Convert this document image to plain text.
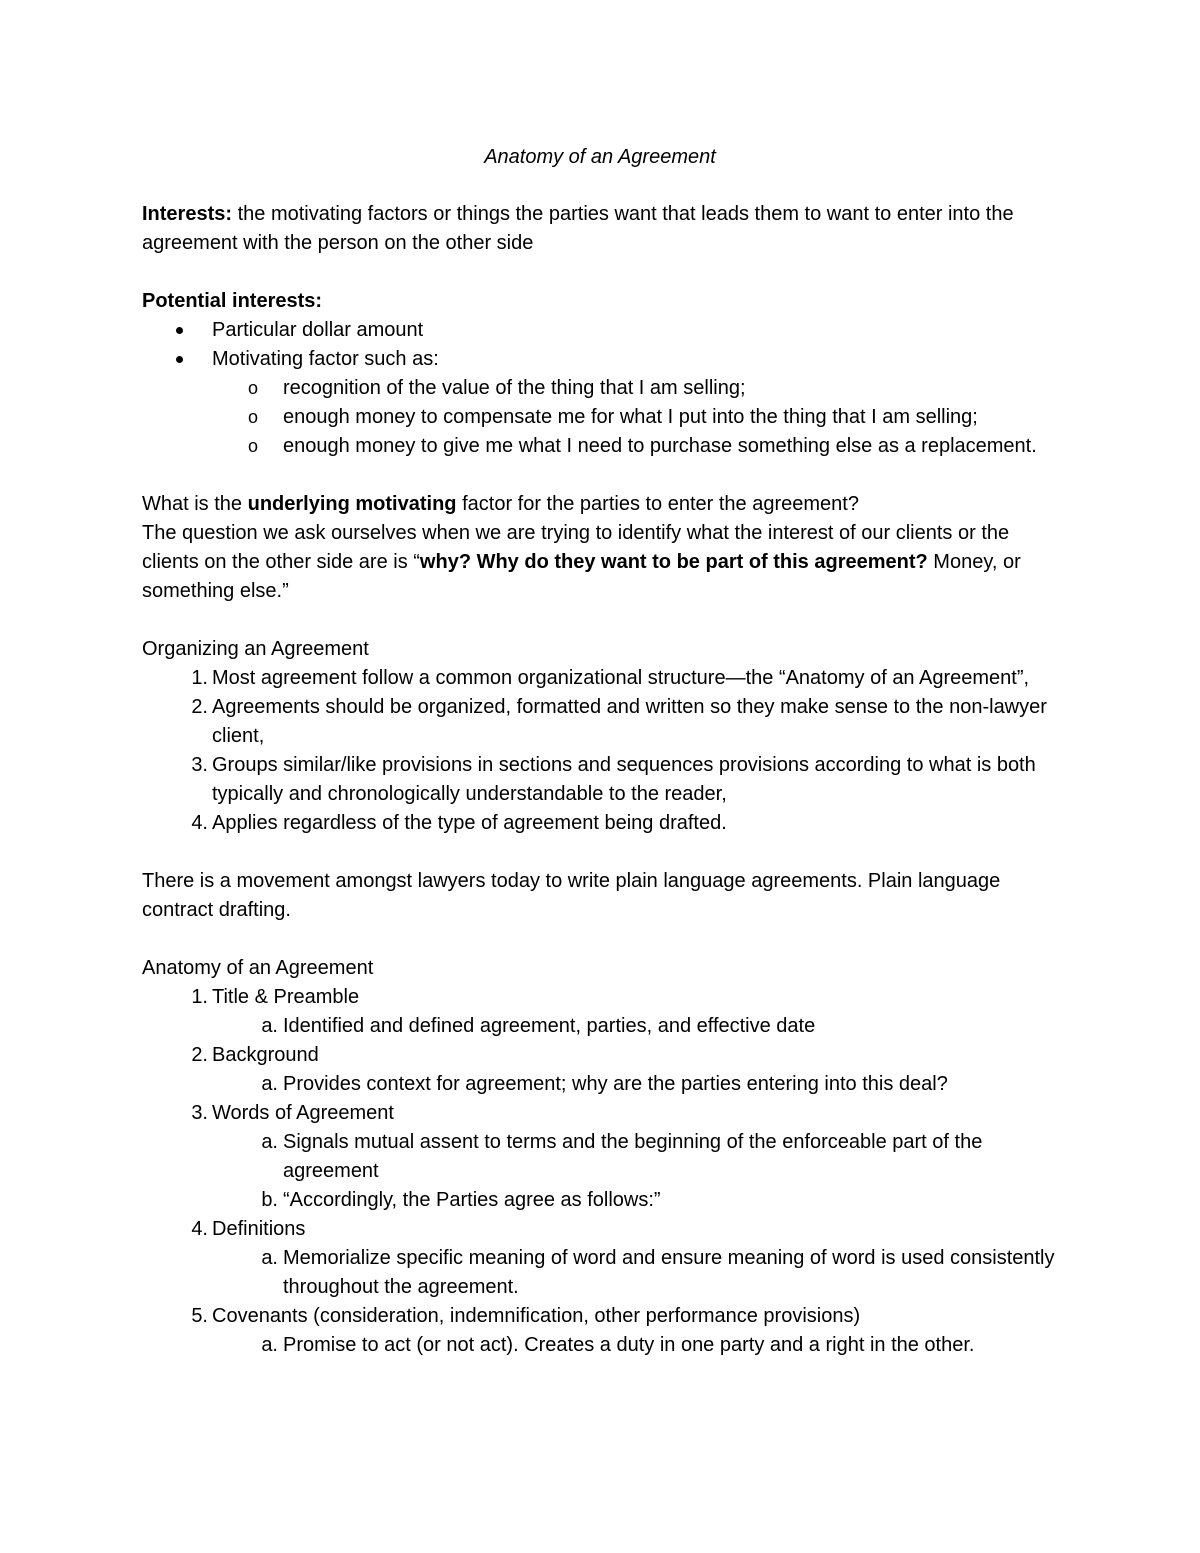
Anatomy of an Agreement

Interests: the motivating factors or things the parties want that leads them to want to enter into the agreement with the person on the other side

Potential interests:

Particular dollar amount
Motivating factor such as:
o recognition of the value of the thing that I am selling;
o enough money to compensate me for what I put into the thing that I am selling;
o enough money to give me what I need to purchase something else as a replacement.

What is the underlying motivating factor for the parties to enter the agreement?

The question we ask ourselves when we are trying to identify what the interest of our clients or the clients on the other side are is “why? Why do they want to be part of this agreement? Money, or something else.”

Organizing an Agreement

1. Most agreement follow a common organizational structure—the “Anatomy of an Agreement”,
2. Agreements should be organized, formatted and written so they make sense to the non-lawyer client,
3. Groups similar/like provisions in sections and sequences provisions according to what is both typically and chronologically understandable to the reader,
4. Applies regardless of the type of agreement being drafted.

There is a movement amongst lawyers today to write plain language agreements. Plain language contract drafting.

Anatomy of an Agreement

1. Title & Preamble
a. Identified and defined agreement, parties, and effective date
2. Background
a. Provides context for agreement; why are the parties entering into this deal?
3. Words of Agreement
a. Signals mutual assent to terms and the beginning of the enforceable part of the agreement
b. “Accordingly, the Parties agree as follows:”
4. Definitions
a. Memorialize specific meaning of word and ensure meaning of word is used consistently throughout the agreement.
5. Covenants (consideration, indemnification, other performance provisions)
a. Promise to act (or not act). Creates a duty in one party and a right in the other.
